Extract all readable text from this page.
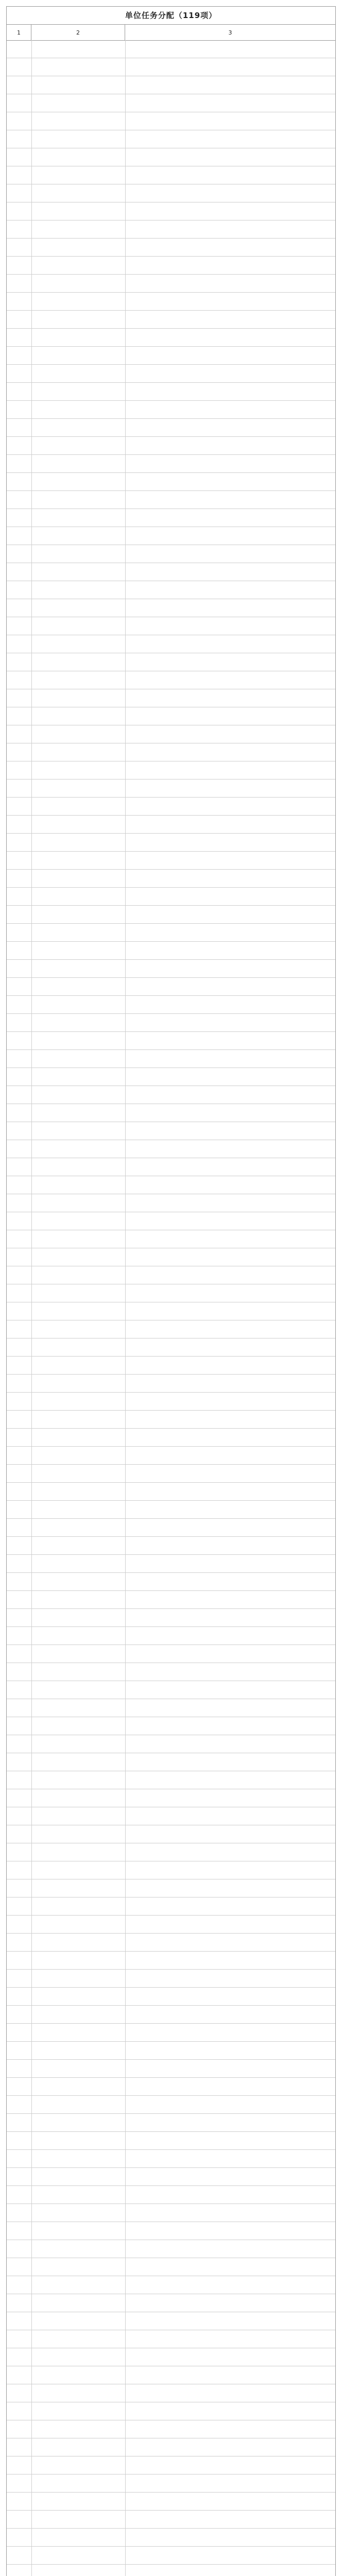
单位任务分配（119项）
1	2	3
